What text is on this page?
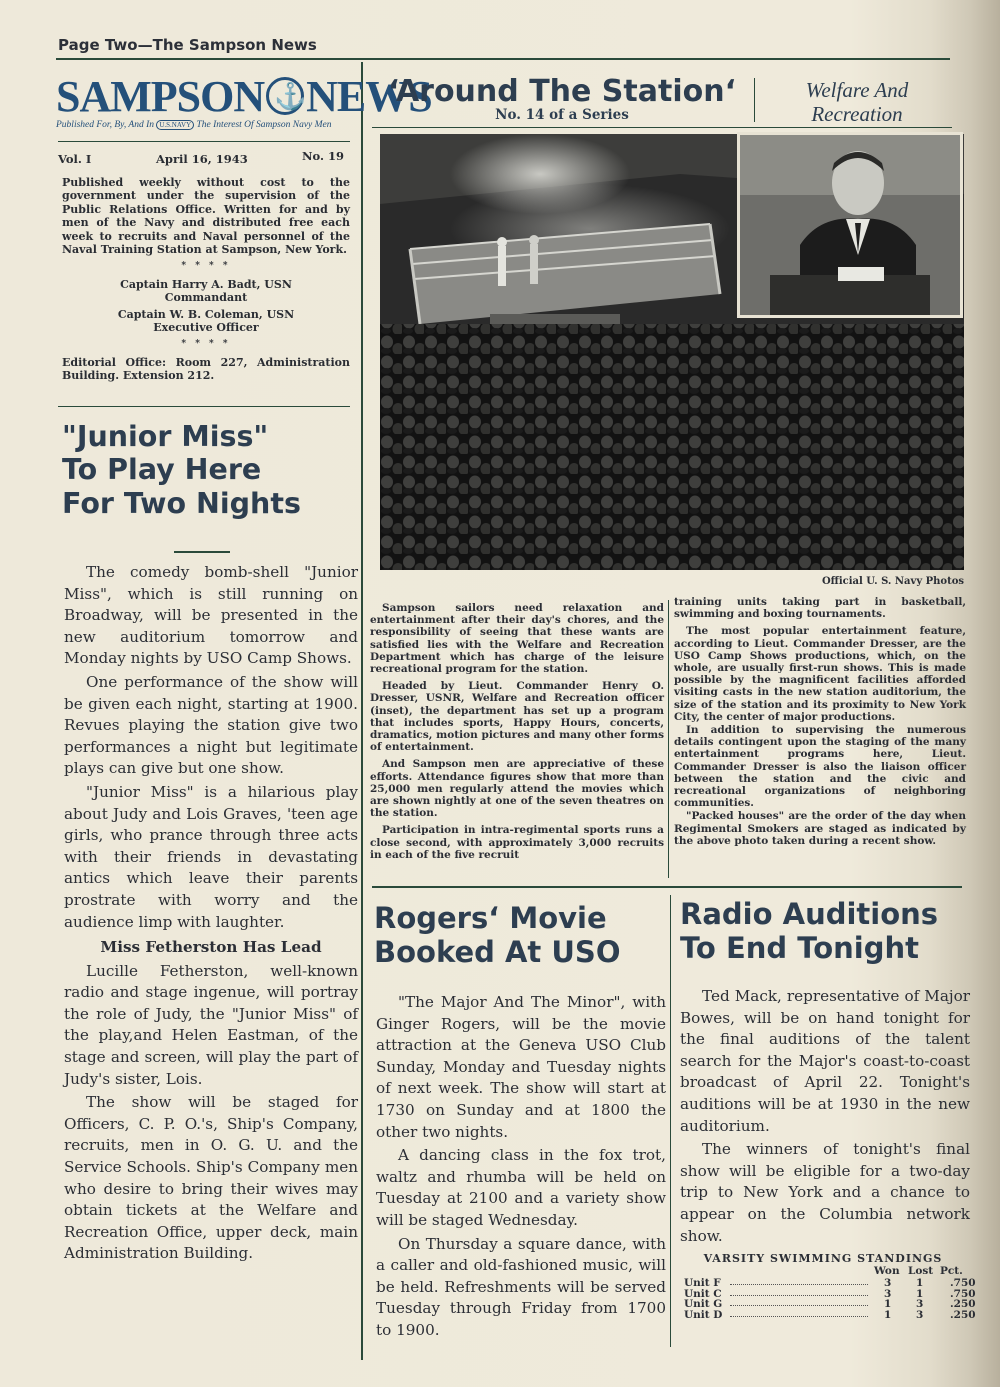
Page Two—The Sampson News
SAMPSON⚓ NEWS
Published For, By, And In U.S.NAVY The Interest Of Sampson Navy Men
Vol. I	April 16, 1943	No. 19

Published weekly without cost to the government under the supervision of the Public Relations Office. Written for and by men of the Navy and distributed free each week to recruits and Naval personnel of the Naval Training Station at Sampson, New York.

* * * *
Captain Harry A. Badt, USN
Commandant
Captain W. B. Coleman, USN
Executive Officer
* * * *

Editorial Office: Room 227, Administration Building. Extension 212.

"Junior Miss"
To Play Here
For Two Nights

The comedy bomb-shell "Junior Miss", which is still running on Broadway, will be presented in the new auditorium tomorrow and Monday nights by USO Camp Shows.

One performance of the show will be given each night, starting at 1900. Revues playing the station give two performances a night but legitimate plays can give but one show.

"Junior Miss" is a hilarious play about Judy and Lois Graves, 'teen age girls, who prance through three acts with their friends in devastating antics which leave their parents prostrate with worry and the audience limp with laughter.

Miss Fetherston Has Lead

Lucille Fetherston, well-known radio and stage ingenue, will portray the role of Judy, the "Junior Miss" of the play,and Helen Eastman, of the stage and screen, will play the part of Judy's sister, Lois.

The show will be staged for Officers, C. P. O.'s, Ship's Company, recruits, men in O. G. U. and the Service Schools. Ship's Company men who desire to bring their wives may obtain tickets at the Welfare and Recreation Office, upper deck, main Administration Building.

‘Around The Station‘
No. 14 of a Series
Welfare And
Recreation
Official U. S. Navy Photos

Sampson sailors need relaxation and entertainment after their day's chores, and the responsibility of seeing that these wants are satisfied lies with the Welfare and Recreation Department which has charge of the leisure recreational program for the station.

Headed by Lieut. Commander Henry O. Dresser, USNR, Welfare and Recreation officer (inset), the department has set up a program that includes sports, Happy Hours, concerts, dramatics, motion pictures and many other forms of entertainment.

And Sampson men are appreciative of these efforts. Attendance figures show that more than 25,000 men regularly attend the movies which are shown nightly at one of the seven theatres on the station.

Participation in intra-regimental sports runs a close second, with approximately 3,000 recruits in each of the five recruit

training units taking part in basketball, swimming and boxing tournaments.

The most popular entertainment feature, according to Lieut. Commander Dresser, are the USO Camp Shows productions, which, on the whole, are usually first-run shows. This is made possible by the magnificent facilities afforded visiting casts in the new station auditorium, the size of the station and its proximity to New York City, the center of major productions.

In addition to supervising the numerous details contingent upon the staging of the many entertainment programs here, Lieut. Commander Dresser is also the liaison officer between the station and the civic and recreational organizations of neighboring communities.

"Packed houses" are the order of the day when Regimental Smokers are staged as indicated by the above photo taken during a recent show.

Rogers‘ Movie
Booked At USO

"The Major And The Minor", with Ginger Rogers, will be the movie attraction at the Geneva USO Club Sunday, Monday and Tuesday nights of next week. The show will start at 1730 on Sunday and at 1800 the other two nights.

A dancing class in the fox trot, waltz and rhumba will be held on Tuesday at 2100 and a variety show will be staged Wednesday.

On Thursday a square dance, with a caller and old-fashioned music, will be held. Refreshments will be served Tuesday through Friday from 1700 to 1900.

Radio Auditions
To End Tonight

Ted Mack, representative of Major Bowes, will be on hand tonight for the final auditions of the talent search for the Major's coast-to-coast broadcast of April 22. Tonight's auditions will be at 1930 in the new auditorium.

The winners of tonight's final show will be eligible for a two-day trip to New York and a chance to appear on the Columbia network show.

VARSITY SWIMMING STANDINGS
Won Lost Pct.
Unit F	3 1	.750
Unit C	3 1	.750
Unit G	1 3	.250
Unit D	1 3	.250
